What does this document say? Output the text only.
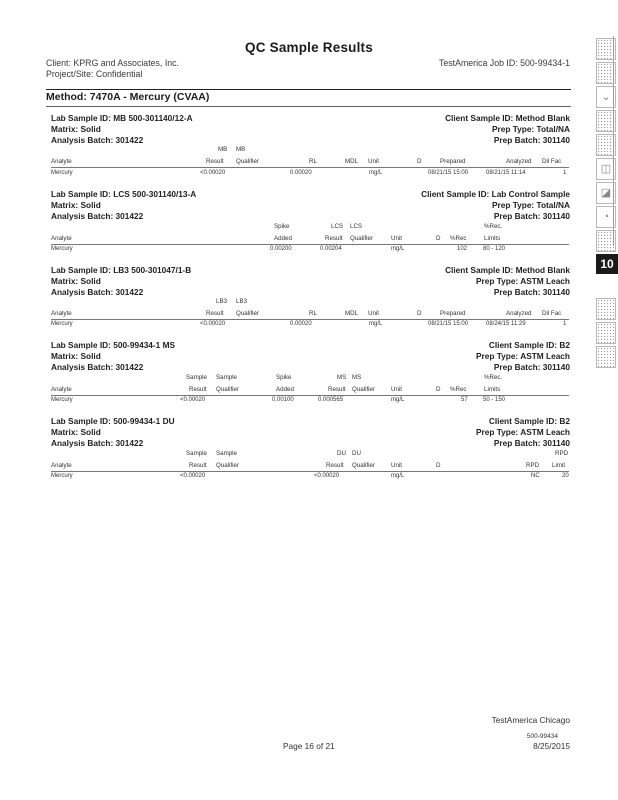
QC Sample Results
Client: KPRG and Associates, Inc.
Project/Site: Confidential
TestAmerica Job ID: 500-99434-1
Method: 7470A - Mercury (CVAA)
Lab Sample ID: MB 500-301140/12-A	Client Sample ID: Method Blank
Matrix: Solid	Prep Type: Total/NA
Analysis Batch: 301422	Prep Batch: 301140
MB MB
Analyte	Result Qualifier	RL	MDL Unit	D	Prepared	Analyzed Dil Fac
Mercury	<0.00020	0.00020	mg/L	08/21/15 15:00	08/21/15 11:14	1
Lab Sample ID: LCS 500-301140/13-A	Client Sample ID: Lab Control Sample
Matrix: Solid	Prep Type: Total/NA
Analysis Batch: 301422	Prep Batch: 301140
Spike	LCS LCS	%Rec.
Analyte	Added	Result Qualifier	Unit	D %Rec	Limits
Mercury	0.00200	0.00204	mg/L	102	80 - 120
Lab Sample ID: LB3 500-301047/1-B	Client Sample ID: Method Blank
Matrix: Solid	Prep Type: ASTM Leach
Analysis Batch: 301422	Prep Batch: 301140
LB3 LB3
Analyte	Result Qualifier	RL	MDL Unit	D	Prepared	Analyzed Dil Fac
Mercury	<0.00020	0.00020	mg/L	08/21/15 15:00	08/24/15 11:29	1
Lab Sample ID: 500-99434-1 MS	Client Sample ID: B2
Matrix: Solid	Prep Type: ASTM Leach
Analysis Batch: 301422	Prep Batch: 301140
Sample Sample	Spike	MS MS	%Rec.
Analyte	Result Qualifier	Added	Result Qualifier	Unit	D %Rec	Limits
Mercury	<0.00020	0.00100	0.000565	mg/L	57	50 - 150
Lab Sample ID: 500-99434-1 DU	Client Sample ID: B2
Matrix: Solid	Prep Type: ASTM Leach
Analysis Batch: 301422	Prep Batch: 301140
Sample Sample	DU DU	RPD
Analyte	Result Qualifier	Result Qualifier	Unit	D	RPD Limit
Mercury	<0.00020	<0.00020	mg/L	NC	20
⌄
◫
◪
◔
10
TestAmerica Chicago
Page 16 of 21
500-99434
8/25/2015
